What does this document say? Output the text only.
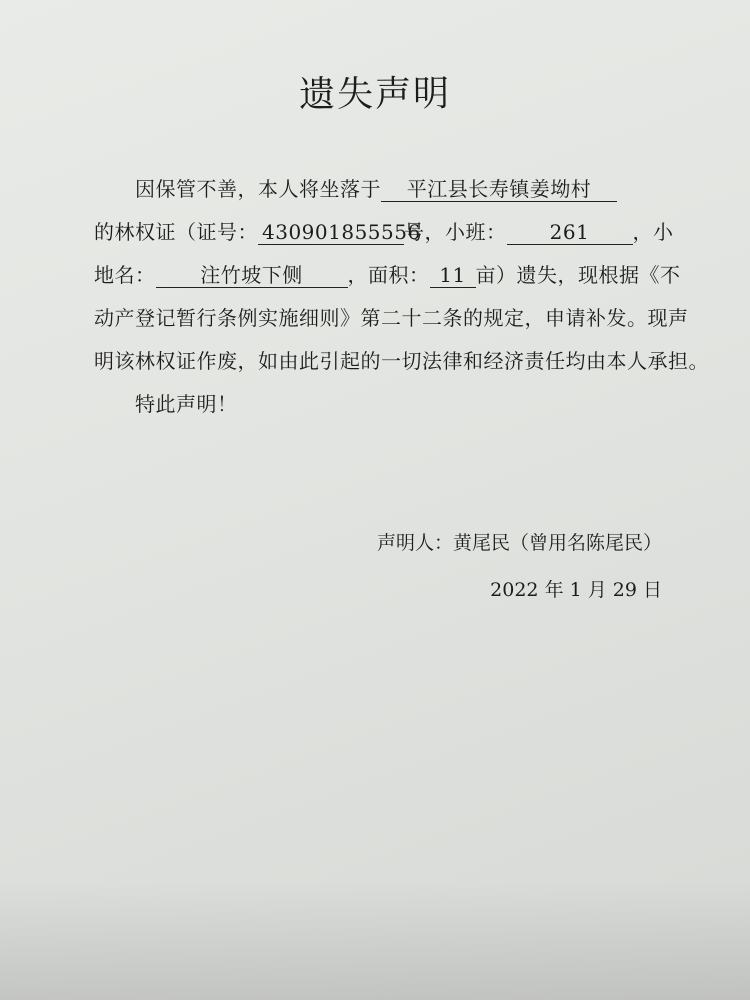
遗失声明
因保管不善，本人将坐落于 平江县长寿镇姜坳村
的林权证（证号： 430901855556号，小班： 261 ，小
地名： 注竹坡下侧 ，面积： 11 亩）遗失，现根据《不
动产登记暂行条例实施细则》第二十二条的规定，申请补发。现声
明该林权证作废，如由此引起的一切法律和经济责任均由本人承担。
特此声明！
声明人：黄尾民（曾用名陈尾民）
2022 年 1 月 29 日
